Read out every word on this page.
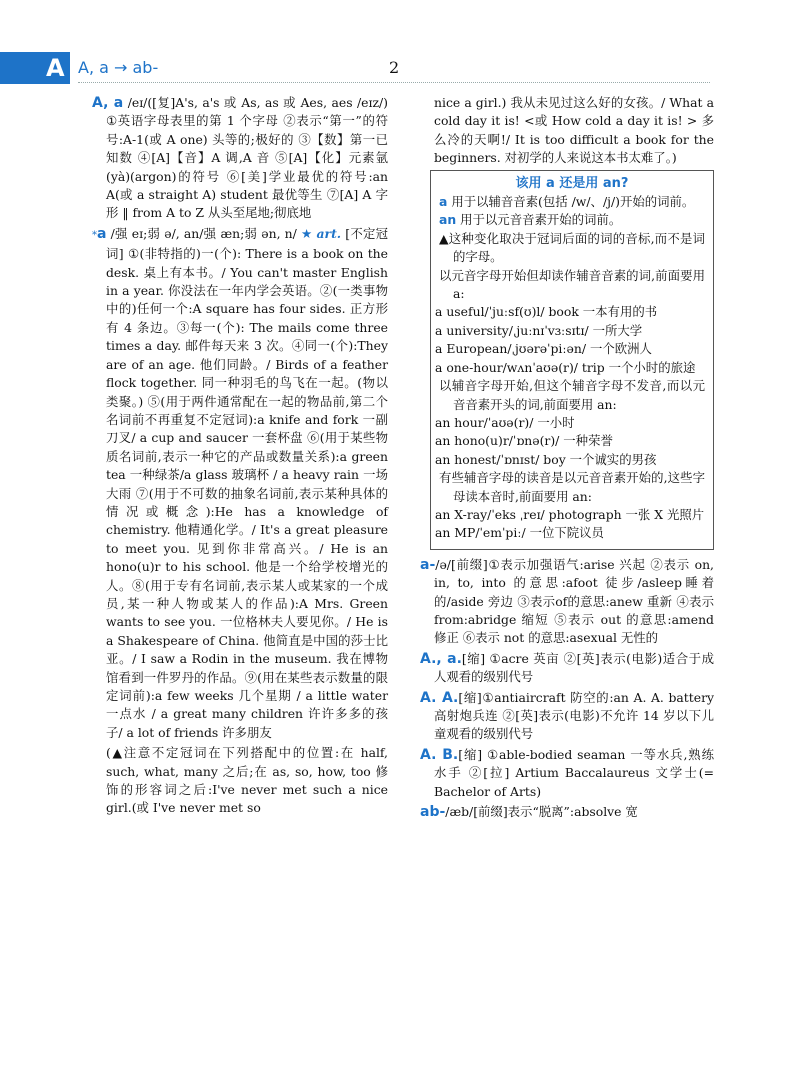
A A, a → ab-	2
A, a /eɪ/([复]A's, a's 或 As, as 或 Aes, aes /eɪz/) ①英语字母表里的第 1 个字母 ②表示“第一”的符号:A-1(或 A one) 头等的;极好的 ③【数】第一已知数 ④[A]【音】A 调,A 音 ⑤[A]【化】元素氩(yà)(argon)的符号 ⑥[美]学业最优的符号:an A(或 a straight A) student 最优等生 ⑦[A] A 字形 ‖ from A to Z 从头至尾地;彻底地
*a /强 eɪ;弱 ə/, an/强 æn;弱 ən, n/ ★ art. [不定冠词] ①(非特指的)一(个): There is a book on the desk. 桌上有本书。/ You can't master English in a year. 你没法在一年内学会英语。②(一类事物中的)任何一个:A square has four sides. 正方形有 4 条边。③每一(个): The mails come three times a day. 邮件每天来 3 次。④同一(个):They are of an age. 他们同龄。/ Birds of a feather flock together. 同一种羽毛的鸟飞在一起。(物以类聚。) ⑤(用于两件通常配在一起的物品前,第二个名词前不再重复不定冠词):a knife and fork 一副刀叉/ a cup and saucer 一套杯盘 ⑥(用于某些物质名词前,表示一种它的产品或数量关系):a green tea 一种绿茶/a glass 玻璃杯 / a heavy rain 一场大雨 ⑦(用于不可数的抽象名词前,表示某种具体的情况或概念):He has a knowledge of chemistry. 他精通化学。/ It's a great pleasure to meet you. 见到你非常高兴。/ He is an hono(u)r to his school. 他是一个给学校增光的人。⑧(用于专有名词前,表示某人或某家的一个成员,某一种人物或某人的作品):A Mrs. Green wants to see you. 一位格林夫人要见你。/ He is a Shakespeare of China. 他简直是中国的莎士比亚。/ I saw a Rodin in the museum. 我在博物馆看到一件罗丹的作品。⑨(用在某些表示数量的限定词前):a few weeks 几个星期 / a little water 一点水 / a great many children 许许多多的孩子/ a lot of friends 许多朋友
(▲注意不定冠词在下列搭配中的位置:在 half, such, what, many 之后;在 as, so, how, too 修饰的形容词之后:I've never met such a nice girl.(或 I've never met so
nice a girl.) 我从未见过这么好的女孩。/ What a cold day it is! <或 How cold a day it is! > 多么冷的天啊!/ It is too difficult a book for the beginners. 对初学的人来说这本书太难了。)
该用 a 还是用 an?
a 用于以辅音音素(包括 /w/、/j/)开始的词前。
an 用于以元音音素开始的词前。
▲这种变化取决于冠词后面的词的音标,而不是词的字母。
以元音字母开始但却读作辅音音素的词,前面要用 a:
a useful/ˈjuːsf(ʊ)l/ book 一本有用的书
a university/ˌjuːnɪˈvɜːsɪtɪ/ 一所大学
a European/ˌjʊərəˈpiːən/ 一个欧洲人
a one-hour/wʌnˈaʊə(r)/ trip 一个小时的旅途
以辅音字母开始,但这个辅音字母不发音,而以元音音素开头的词,前面要用 an:
an hour/ˈaʊə(r)/ 一小时
an hono(u)r/ˈɒnə(r)/ 一种荣誉
an honest/ˈɒnɪst/ boy 一个诚实的男孩
有些辅音字母的读音是以元音音素开始的,这些字母读本音时,前面要用 an:
an X-ray/ˈeks ˌreɪ/ photograph 一张 X 光照片
an MP/ˈemˈpiː/ 一位下院议员
a-/ə/[前缀]①表示加强语气:arise 兴起 ②表示 on, in, to, into 的意思:afoot 徒步/asleep睡着的/aside 旁边 ③表示of的意思:anew 重新 ④表示 from:abridge 缩短 ⑤表示 out 的意思:amend 修正 ⑥表示 not 的意思:asexual 无性的
A., a.[缩] ①acre 英亩 ②[英]表示(电影)适合于成人观看的级别代号
A. A.[缩]①antiaircraft 防空的:an A. A. battery 高射炮兵连 ②[英]表示(电影)不允许 14 岁以下儿童观看的级别代号
A. B.[缩] ①able-bodied seaman 一等水兵,熟练水手 ②[拉] Artium Baccalaureus 文学士(= Bachelor of Arts)
ab-/æb/[前缀]表示“脱离”:absolve 宽
